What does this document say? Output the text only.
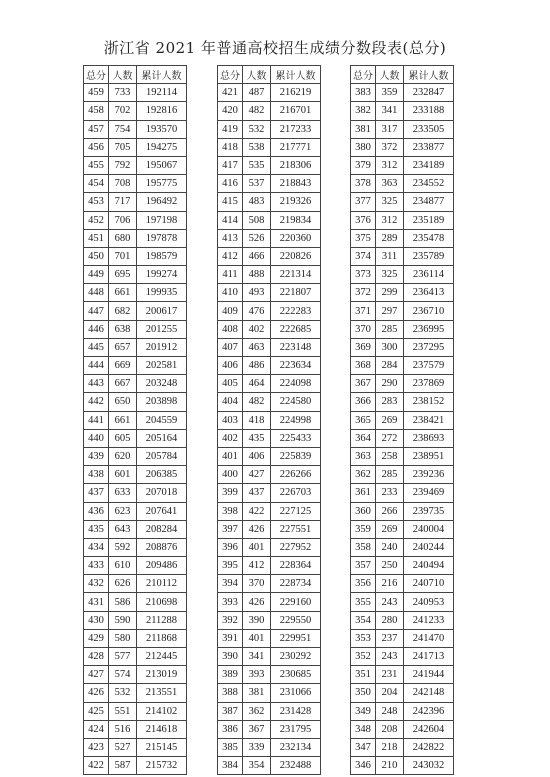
浙江省 2021 年普通高校招生成绩分数段表(总分)
总分	人数	累计人数
459	733	192114
458	702	192816
457	754	193570
456	705	194275
455	792	195067
454	708	195775
453	717	196492
452	706	197198
451	680	197878
450	701	198579
449	695	199274
448	661	199935
447	682	200617
446	638	201255
445	657	201912
444	669	202581
443	667	203248
442	650	203898
441	661	204559
440	605	205164
439	620	205784
438	601	206385
437	633	207018
436	623	207641
435	643	208284
434	592	208876
433	610	209486
432	626	210112
431	586	210698
430	590	211288
429	580	211868
428	577	212445
427	574	213019
426	532	213551
425	551	214102
424	516	214618
423	527	215145
422	587	215732
总分	人数	累计人数
421	487	216219
420	482	216701
419	532	217233
418	538	217771
417	535	218306
416	537	218843
415	483	219326
414	508	219834
413	526	220360
412	466	220826
411	488	221314
410	493	221807
409	476	222283
408	402	222685
407	463	223148
406	486	223634
405	464	224098
404	482	224580
403	418	224998
402	435	225433
401	406	225839
400	427	226266
399	437	226703
398	422	227125
397	426	227551
396	401	227952
395	412	228364
394	370	228734
393	426	229160
392	390	229550
391	401	229951
390	341	230292
389	393	230685
388	381	231066
387	362	231428
386	367	231795
385	339	232134
384	354	232488
总分	人数	累计人数
383	359	232847
382	341	233188
381	317	233505
380	372	233877
379	312	234189
378	363	234552
377	325	234877
376	312	235189
375	289	235478
374	311	235789
373	325	236114
372	299	236413
371	297	236710
370	285	236995
369	300	237295
368	284	237579
367	290	237869
366	283	238152
365	269	238421
364	272	238693
363	258	238951
362	285	239236
361	233	239469
360	266	239735
359	269	240004
358	240	240244
357	250	240494
356	216	240710
355	243	240953
354	280	241233
353	237	241470
352	243	241713
351	231	241944
350	204	242148
349	248	242396
348	208	242604
347	218	242822
346	210	243032
